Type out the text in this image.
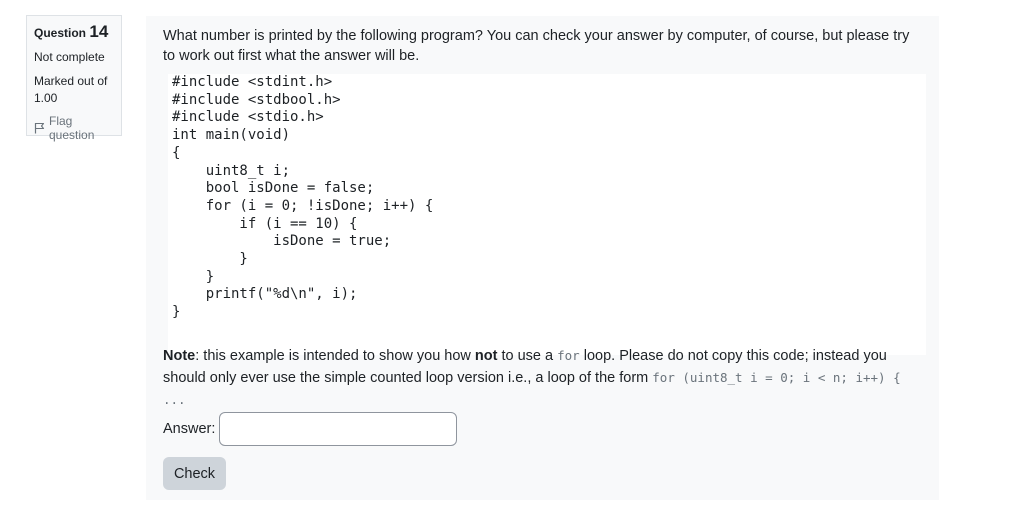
Question 14
Not complete
Marked out of 1.00
Flag question
What number is printed by the following program? You can check your answer by computer, of course, but please try to work out first what the answer will be.
#include <stdint.h>
#include <stdbool.h>
#include <stdio.h>
int main(void)
{
uint8_t i;
bool isDone = false;
for (i = 0; !isDone; i++) {
if (i == 10) {
isDone = true;
}
}
printf("%d\n", i);
}
Note: this example is intended to show you how not to use a for loop. Please do not copy this code; instead you should only ever use the simple counted loop version i.e., a loop of the form for (uint8_t i = 0; i < n; i++) { ...
Answer:
Check
